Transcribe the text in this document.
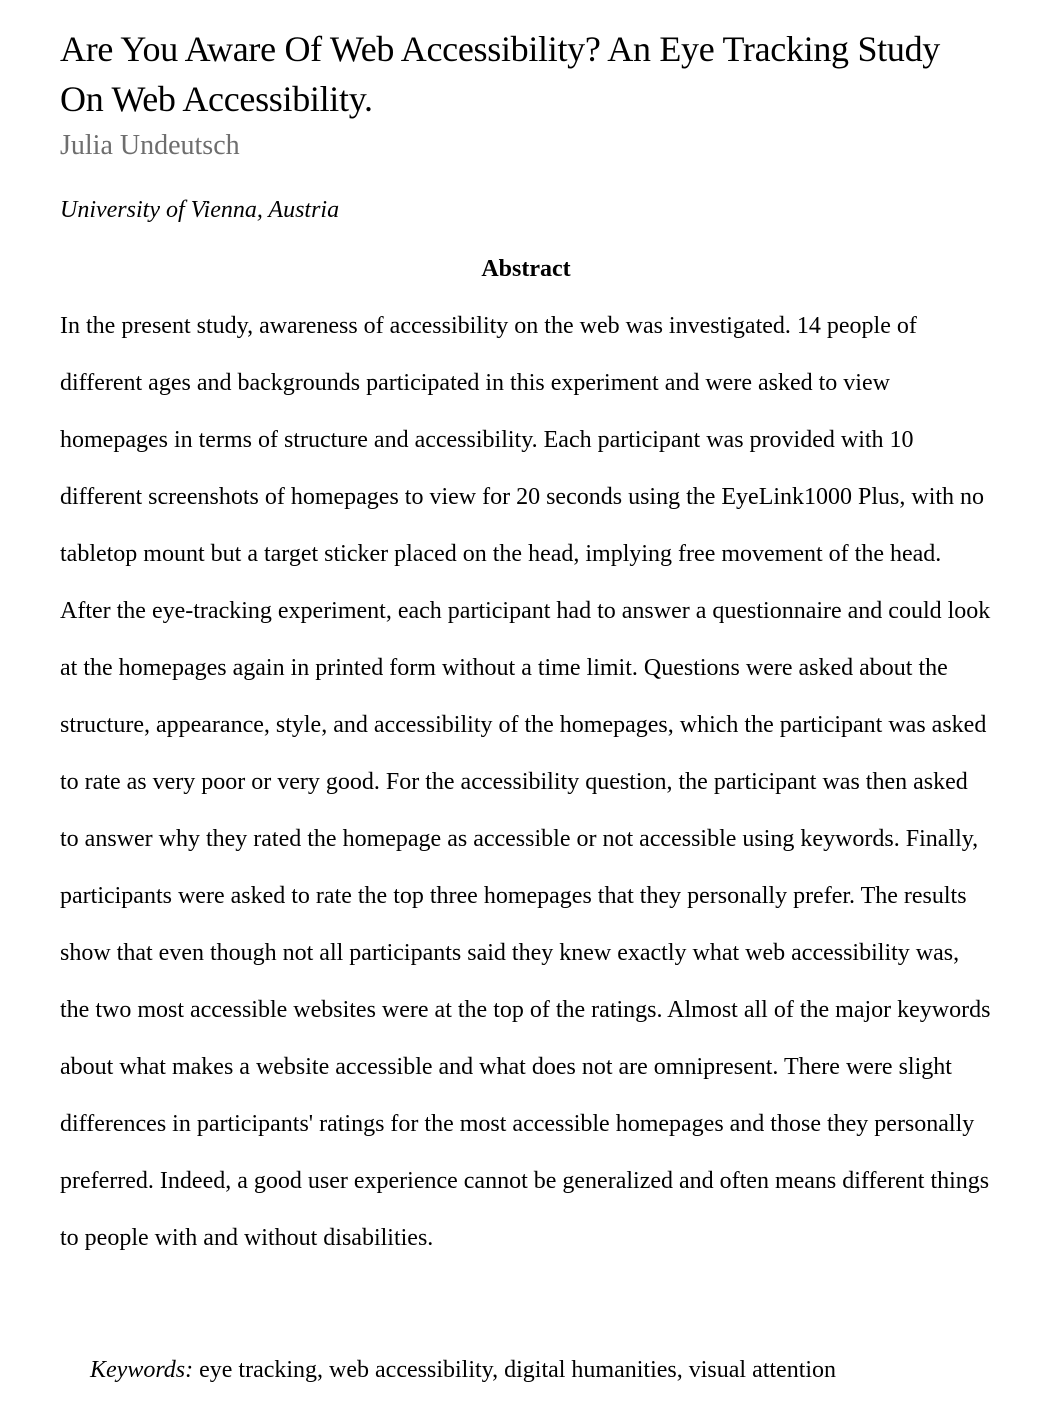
Are You Aware Of Web Accessibility? An Eye Tracking Study On Web Accessibility.
Julia Undeutsch
University of Vienna, Austria
Abstract

In the present study, awareness of accessibility on the web was investigated. 14 people of different ages and backgrounds participated in this experiment and were asked to view homepages in terms of structure and accessibility. Each participant was provided with 10 different screenshots of homepages to view for 20 seconds using the EyeLink1000 Plus, with no tabletop mount but a target sticker placed on the head, implying free movement of the head. After the eye-tracking experiment, each participant had to answer a questionnaire and could look at the homepages again in printed form without a time limit. Questions were asked about the structure, appearance, style, and accessibility of the homepages, which the participant was asked to rate as very poor or very good. For the accessibility question, the participant was then asked to answer why they rated the homepage as accessible or not accessible using keywords. Finally, participants were asked to rate the top three homepages that they personally prefer. The results show that even though not all participants said they knew exactly what web accessibility was, the two most accessible websites were at the top of the ratings. Almost all of the major keywords about what makes a website accessible and what does not are omnipresent. There were slight differences in participants' ratings for the most accessible homepages and those they personally preferred. Indeed, a good user experience cannot be generalized and often means different things to people with and without disabilities.

Keywords: eye tracking, web accessibility, digital humanities, visual attention
